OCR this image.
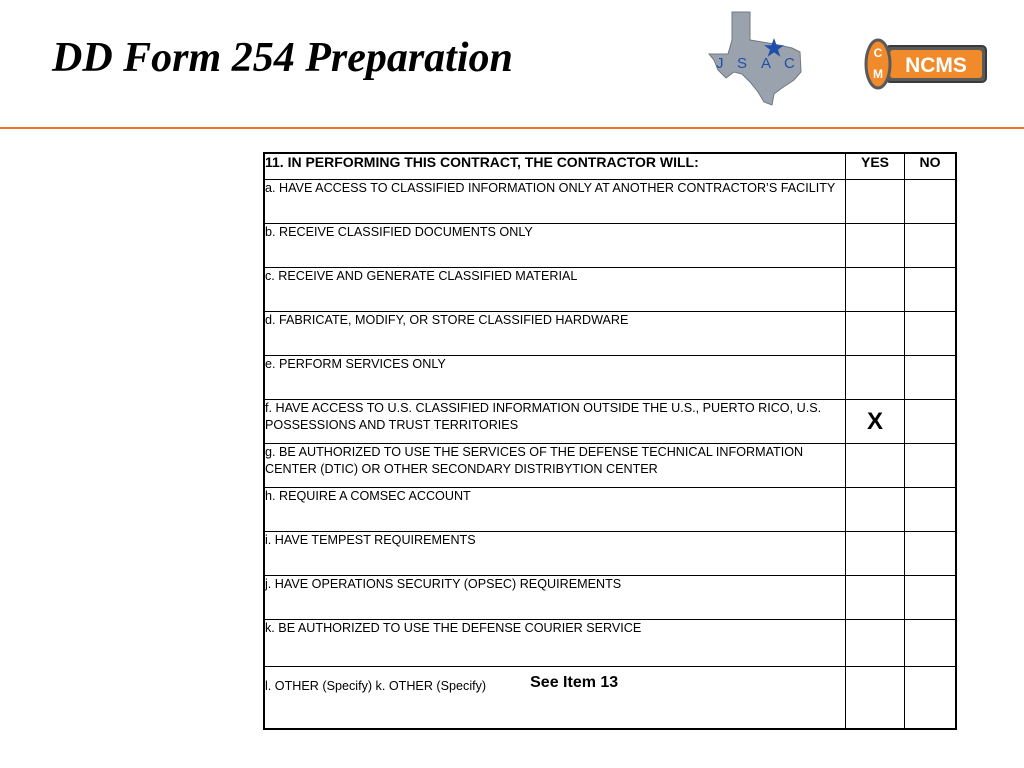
DD Form 254 Preparation	J S A C	NCMS
C
M
11. IN PERFORMING THIS CONTRACT, THE CONTRACTOR WILL:	YES	NO
a. HAVE ACCESS TO CLASSIFIED INFORMATION ONLY AT ANOTHER CONTRACTOR’S FACILITY	

b. RECEIVE CLASSIFIED DOCUMENTS ONLY	

c. RECEIVE AND GENERATE CLASSIFIED MATERIAL	

d. FABRICATE, MODIFY, OR STORE CLASSIFIED HARDWARE	

e. PERFORM SERVICES ONLY	

f. HAVE ACCESS TO U.S. CLASSIFIED INFORMATION OUTSIDE THE U.S., PUERTO RICO, U.S. POSSESSIONS AND TRUST TERRITORIES	X	

g. BE AUTHORIZED TO USE THE SERVICES OF THE DEFENSE TECHNICAL INFORMATION CENTER (DTIC) OR OTHER SECONDARY DISTRIBYTION CENTER	

h. REQUIRE A COMSEC ACCOUNT	

i. HAVE TEMPEST REQUIREMENTS	

j. HAVE OPERATIONS SECURITY (OPSEC) REQUIREMENTS	

k. BE AUTHORIZED TO USE THE DEFENSE COURIER SERVICE	

l. OTHER (Specify) k. OTHER (Specify) See Item 13	
